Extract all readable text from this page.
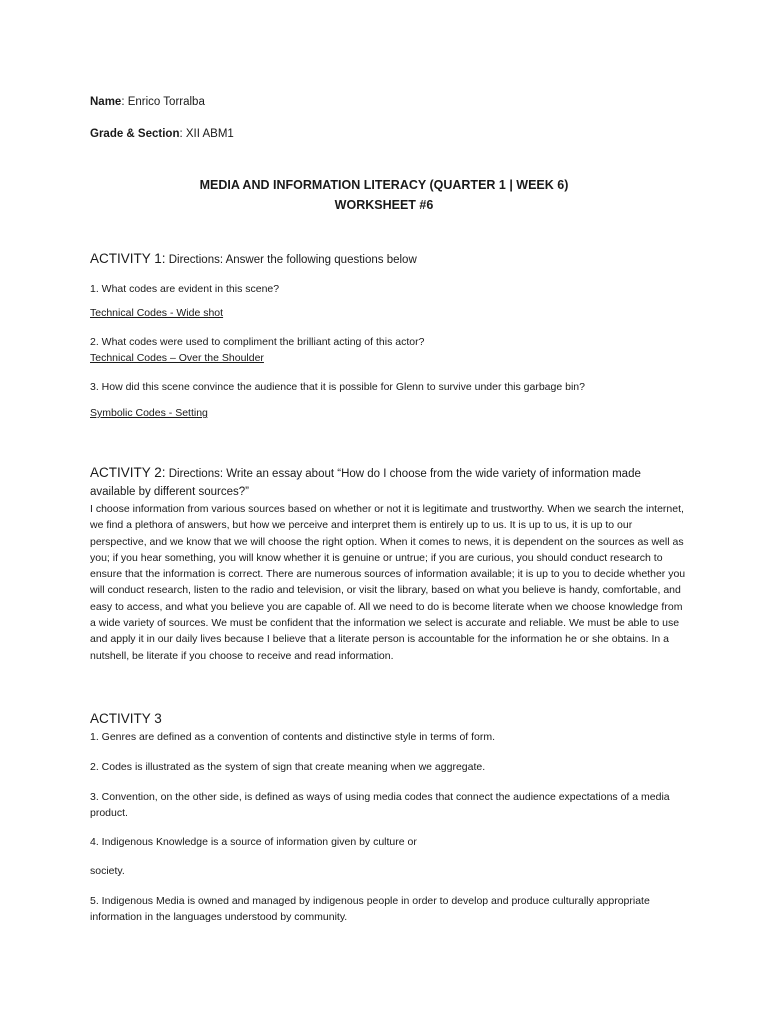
Name: Enrico Torralba
Grade & Section: XII ABM1
MEDIA AND INFORMATION LITERACY (QUARTER 1 | WEEK 6)
WORKSHEET #6
ACTIVITY 1: Directions: Answer the following questions below
1. What codes are evident in this scene?
Technical Codes - Wide shot
2. What codes were used to compliment the brilliant acting of this actor?
Technical Codes – Over the Shoulder
3. How did this scene convince the audience that it is possible for Glenn to survive under this garbage bin?
Symbolic Codes - Setting
ACTIVITY 2: Directions: Write an essay about “How do I choose from the wide variety of information made
available by different sources?”
I choose information from various sources based on whether or not it is legitimate and trustworthy. When we search the internet, we find a plethora of answers, but how we perceive and interpret them is entirely up to us. It is up to us, it is up to our perspective, and we know that we will choose the right option. When it comes to news, it is dependent on the sources as well as you; if you hear something, you will know whether it is genuine or untrue; if you are curious, you should conduct research to ensure that the information is correct. There are numerous sources of information available; it is up to you to decide whether you will conduct research, listen to the radio and television, or visit the library, based on what you believe is handy, comfortable, and easy to access, and what you believe you are capable of. All we need to do is become literate when we choose knowledge from a wide variety of sources. We must be confident that the information we select is accurate and reliable. We must be able to use and apply it in our daily lives because I believe that a literate person is accountable for the information he or she obtains. In a nutshell, be literate if you choose to receive and read information.
ACTIVITY 3
1. Genres are defined as a convention of contents and distinctive style in terms of form.
2. Codes is illustrated as the system of sign that create meaning when we aggregate.
3. Convention, on the other side, is defined as ways of using media codes that connect the audience expectations of a media
product.
4. Indigenous Knowledge is a source of information given by culture or
society.
5. Indigenous Media is owned and managed by indigenous people in order to develop and produce culturally appropriate
information in the languages understood by community.
